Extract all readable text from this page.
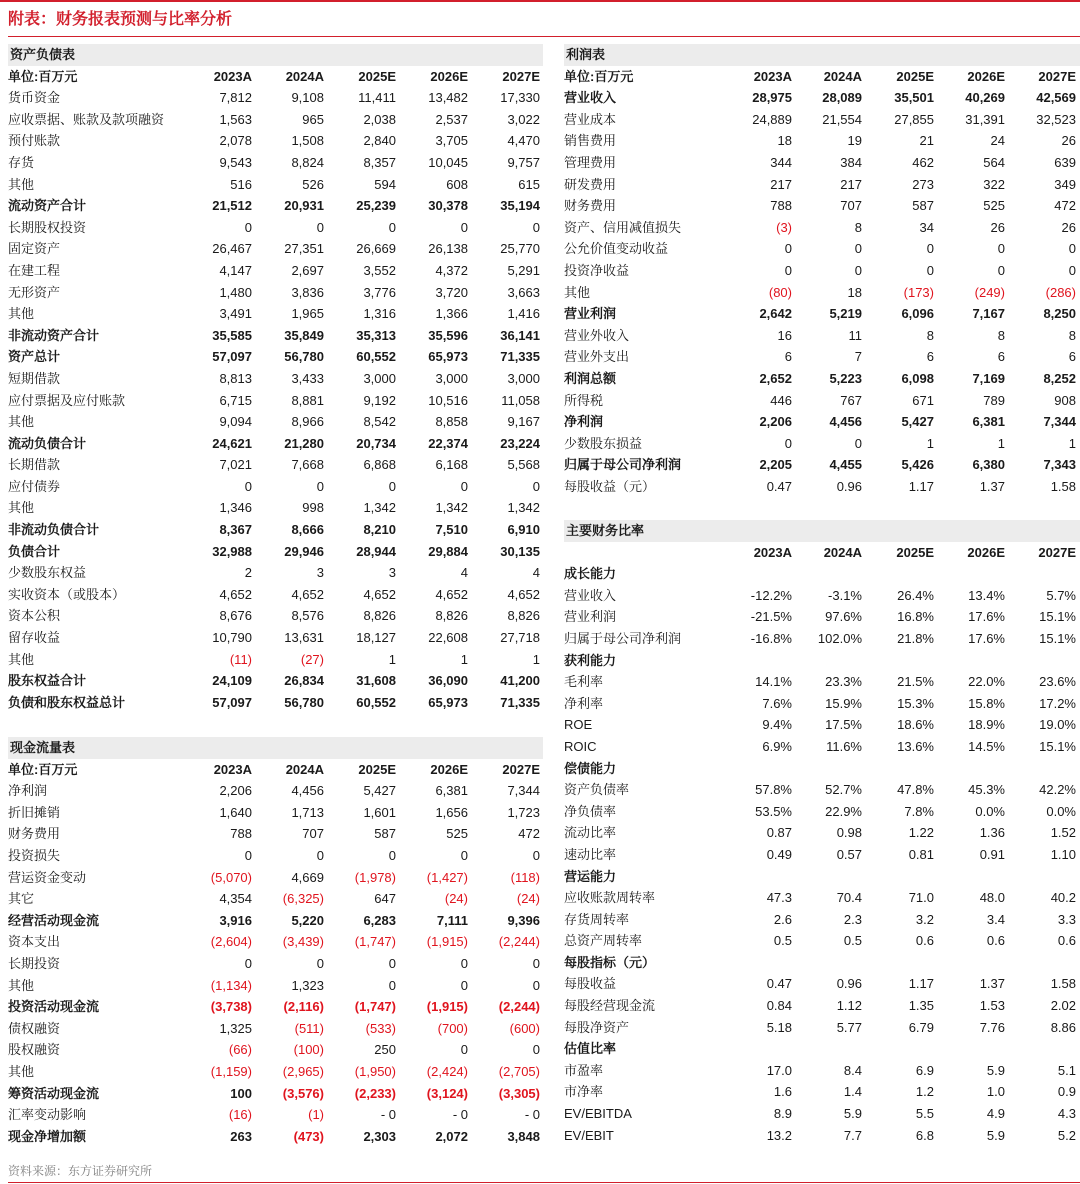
附表：财务报表预测与比率分析
资产负债表
单位:百万元	2023A	2024A	2025E	2026E	2027E
货币资金	7,812	9,108	11,411	13,482	17,330
应收票据、账款及款项融资	1,563	965	2,038	2,537	3,022
预付账款	2,078	1,508	2,840	3,705	4,470
存货	9,543	8,824	8,357	10,045	9,757
其他	516	526	594	608	615
流动资产合计	21,512	20,931	25,239	30,378	35,194
长期股权投资	0	0	0	0	0
固定资产	26,467	27,351	26,669	26,138	25,770
在建工程	4,147	2,697	3,552	4,372	5,291
无形资产	1,480	3,836	3,776	3,720	3,663
其他	3,491	1,965	1,316	1,366	1,416
非流动资产合计	35,585	35,849	35,313	35,596	36,141
资产总计	57,097	56,780	60,552	65,973	71,335
短期借款	8,813	3,433	3,000	3,000	3,000
应付票据及应付账款	6,715	8,881	9,192	10,516	11,058
其他	9,094	8,966	8,542	8,858	9,167
流动负债合计	24,621	21,280	20,734	22,374	23,224
长期借款	7,021	7,668	6,868	6,168	5,568
应付债券	0	0	0	0	0
其他	1,346	998	1,342	1,342	1,342
非流动负债合计	8,367	8,666	8,210	7,510	6,910
负债合计	32,988	29,946	28,944	29,884	30,135
少数股东权益	2	3	3	4	4
实收资本（或股本）	4,652	4,652	4,652	4,652	4,652
资本公积	8,676	8,576	8,826	8,826	8,826
留存收益	10,790	13,631	18,127	22,608	27,718
其他	(11)	(27)	1	1	1
股东权益合计	24,109	26,834	31,608	36,090	41,200
负债和股东权益总计	57,097	56,780	60,552	65,973	71,335
现金流量表
单位:百万元	2023A	2024A	2025E	2026E	2027E
净利润	2,206	4,456	5,427	6,381	7,344
折旧摊销	1,640	1,713	1,601	1,656	1,723
财务费用	788	707	587	525	472
投资损失	0	0	0	0	0
营运资金变动	(5,070)	4,669	(1,978)	(1,427)	(118)
其它	4,354	(6,325)	647	(24)	(24)
经营活动现金流	3,916	5,220	6,283	7,111	9,396
资本支出	(2,604)	(3,439)	(1,747)	(1,915)	(2,244)
长期投资	0	0	0	0	0
其他	(1,134)	1,323	0	0	0
投资活动现金流	(3,738)	(2,116)	(1,747)	(1,915)	(2,244)
债权融资	1,325	(511)	(533)	(700)	(600)
股权融资	(66)	(100)	250	0	0
其他	(1,159)	(2,965)	(1,950)	(2,424)	(2,705)
筹资活动现金流	100	(3,576)	(2,233)	(3,124)	(3,305)
汇率变动影响	(16)	(1)	- 0	- 0	- 0
现金净增加额	263	(473)	2,303	2,072	3,848
利润表
单位:百万元	2023A	2024A	2025E	2026E	2027E
营业收入	28,975	28,089	35,501	40,269	42,569
营业成本	24,889	21,554	27,855	31,391	32,523
销售费用	18	19	21	24	26
管理费用	344	384	462	564	639
研发费用	217	217	273	322	349
财务费用	788	707	587	525	472
资产、信用减值损失	(3)	8	34	26	26
公允价值变动收益	0	0	0	0	0
投资净收益	0	0	0	0	0
其他	(80)	18	(173)	(249)	(286)
营业利润	2,642	5,219	6,096	7,167	8,250
营业外收入	16	11	8	8	8
营业外支出	6	7	6	6	6
利润总额	2,652	5,223	6,098	7,169	8,252
所得税	446	767	671	789	908
净利润	2,206	4,456	5,427	6,381	7,344
少数股东损益	0	0	1	1	1
归属于母公司净利润	2,205	4,455	5,426	6,380	7,343
每股收益（元）	0.47	0.96	1.17	1.37	1.58
主要财务比率
2023A	2024A	2025E	2026E	2027E
成长能力
营业收入	-12.2%	-3.1%	26.4%	13.4%	5.7%
营业利润	-21.5%	97.6%	16.8%	17.6%	15.1%
归属于母公司净利润	-16.8%	102.0%	21.8%	17.6%	15.1%
获利能力
毛利率	14.1%	23.3%	21.5%	22.0%	23.6%
净利率	7.6%	15.9%	15.3%	15.8%	17.2%
ROE	9.4%	17.5%	18.6%	18.9%	19.0%
ROIC	6.9%	11.6%	13.6%	14.5%	15.1%
偿债能力
资产负债率	57.8%	52.7%	47.8%	45.3%	42.2%
净负债率	53.5%	22.9%	7.8%	0.0%	0.0%
流动比率	0.87	0.98	1.22	1.36	1.52
速动比率	0.49	0.57	0.81	0.91	1.10
营运能力
应收账款周转率	47.3	70.4	71.0	48.0	40.2
存货周转率	2.6	2.3	3.2	3.4	3.3
总资产周转率	0.5	0.5	0.6	0.6	0.6
每股指标（元）
每股收益	0.47	0.96	1.17	1.37	1.58
每股经营现金流	0.84	1.12	1.35	1.53	2.02
每股净资产	5.18	5.77	6.79	7.76	8.86
估值比率
市盈率	17.0	8.4	6.9	5.9	5.1
市净率	1.6	1.4	1.2	1.0	0.9
EV/EBITDA	8.9	5.9	5.5	4.9	4.3
EV/EBIT	13.2	7.7	6.8	5.9	5.2
资料来源：东方证券研究所
